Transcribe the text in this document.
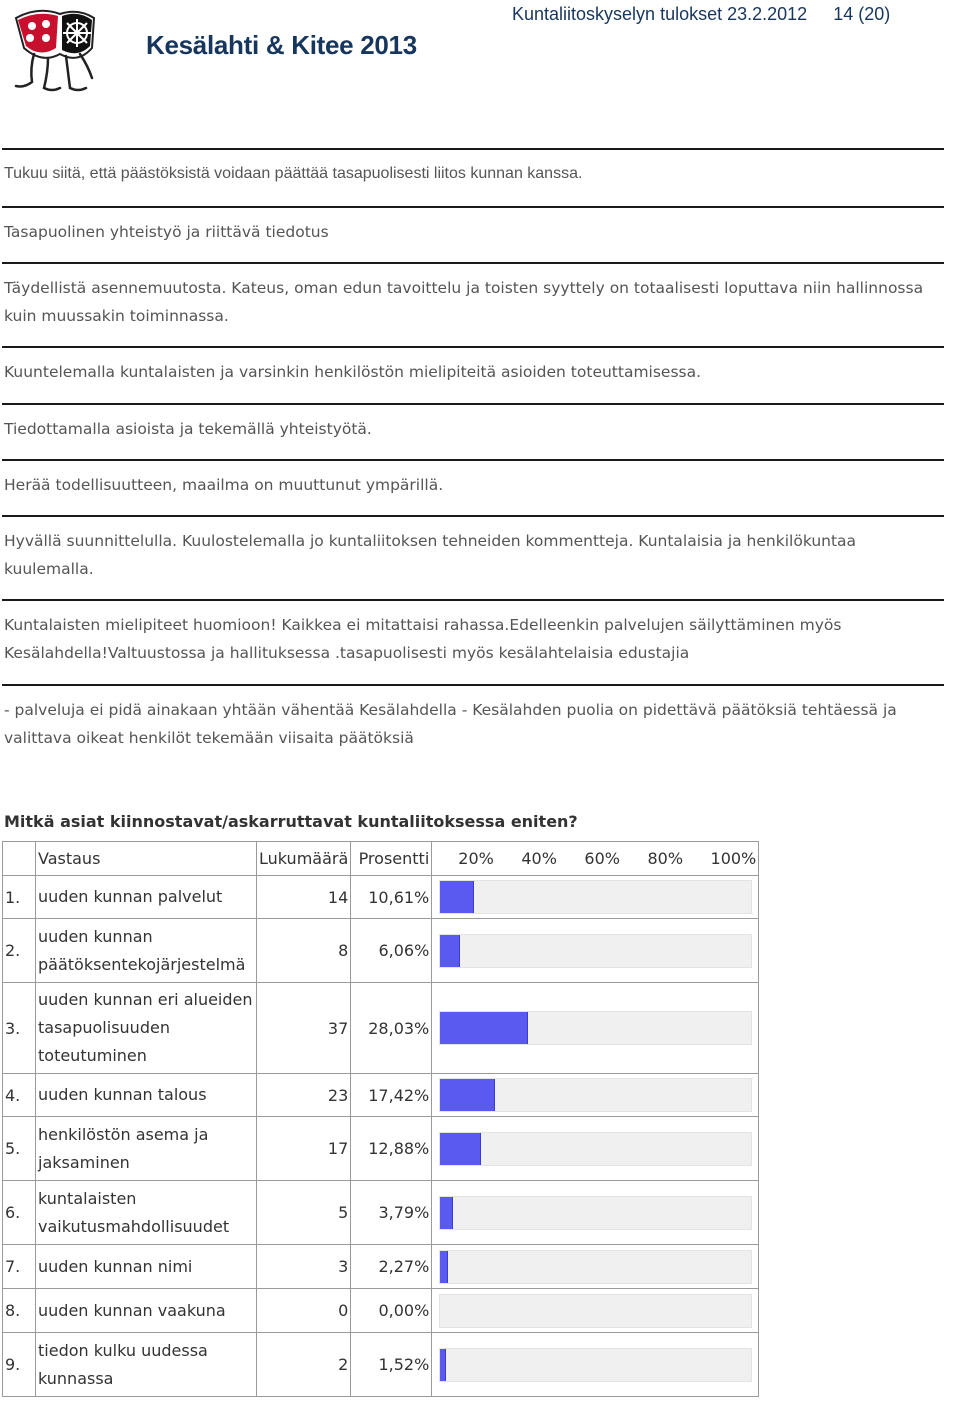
Kesälahti & Kitee 2013
Kuntaliitoskyselyn tulokset 23.2.2012 14 (20)
Tukuu siitä, että päästöksistä voidaan päättää tasapuolisesti liitos kunnan kanssa.
Tasapuolinen yhteistyö ja riittävä tiedotus
Täydellistä asennemuutosta. Kateus, oman edun tavoittelu ja toisten syyttely on totaalisesti loputtava niin hallinnossa kuin muussakin toiminnassa.
Kuuntelemalla kuntalaisten ja varsinkin henkilöstön mielipiteitä asioiden toteuttamisessa.
Tiedottamalla asioista ja tekemällä yhteistyötä.
Herää todellisuutteen, maailma on muuttunut ympärillä.
Hyvällä suunnittelulla. Kuulostelemalla jo kuntaliitoksen tehneiden kommentteja. Kuntalaisia ja henkilökuntaa kuulemalla.
Kuntalaisten mielipiteet huomioon! Kaikkea ei mitattaisi rahassa.Edelleenkin palvelujen säilyttäminen myös Kesälahdella!Valtuustossa ja hallituksessa .tasapuolisesti myös kesälahtelaisia edustajia
- palveluja ei pidä ainakaan yhtään vähentää Kesälahdella - Kesälahden puolia on pidettävä päätöksiä tehtäessä ja valittava oikeat henkilöt tekemään viisaita päätöksiä
Mitkä asiat kiinnostavat/askarruttavat kuntaliitoksessa eniten?
	Vastaus	Lukumäärä	Prosentti	20% 40% 60% 80% 100%

1.	uuden kunnan palvelut	14	10,61%	

2.	uuden kunnan päätöksentekojärjestelmä	8	6,06%	

3.	uuden kunnan eri alueiden tasapuolisuuden toteutuminen	37	28,03%	

4.	uuden kunnan talous	23	17,42%	

5.	henkilöstön asema ja jaksaminen	17	12,88%	

6.	kuntalaisten vaikutusmahdollisuudet	5	3,79%	

7.	uuden kunnan nimi	3	2,27%	

8.	uuden kunnan vaakuna	0	0,00%	

9.	tiedon kulku uudessa kunnassa	2	1,52%	
